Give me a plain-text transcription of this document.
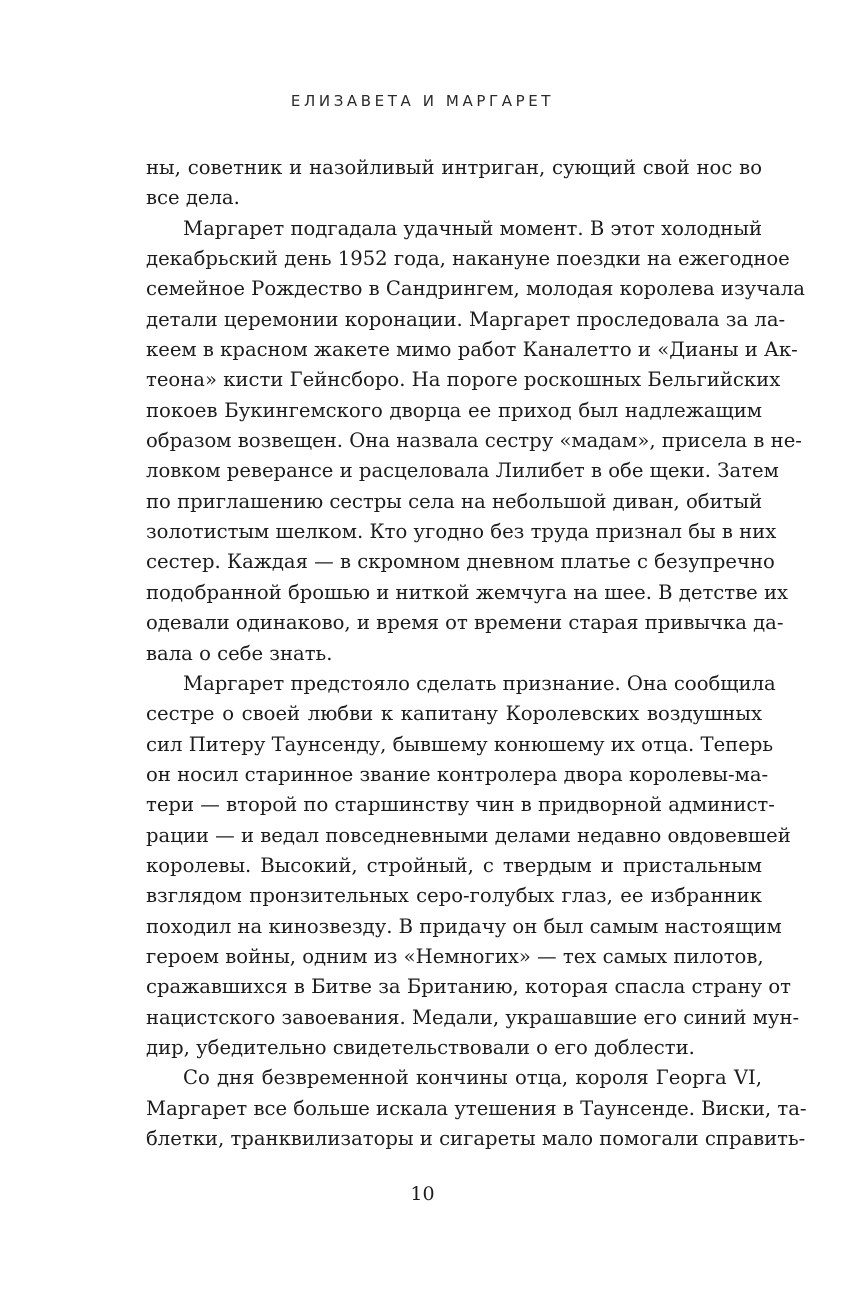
ЕЛИЗАВЕТА И МАРГАРЕТ
ны, советник и назойливый интриган, сующий свой нос во
все дела.
Маргарет подгадала удачный момент. В этот холодный
декабрьский день 1952 года, накануне поездки на ежегодное
семейное Рождество в Сандрингем, молодая королева изучала
детали церемонии коронации. Маргарет проследовала за ла-
кеем в красном жакете мимо работ Каналетто и «Дианы и Ак-
теона» кисти Гейнсборо. На пороге роскошных Бельгийских
покоев Букингемского дворца ее приход был надлежащим
образом возвещен. Она назвала сестру «мадам», присела в не-
ловком реверансе и расцеловала Лилибет в обе щеки. Затем
по приглашению сестры села на небольшой диван, обитый
золотистым шелком. Кто угодно без труда признал бы в них
сестер. Каждая — в скромном дневном платье с безупречно
подобранной брошью и ниткой жемчуга на шее. В детстве их
одевали одинаково, и время от времени старая привычка да-
вала о себе знать.
Маргарет предстояло сделать признание. Она сообщила
сестре о своей любви к капитану Королевских воздушных
сил Питеру Таунсенду, бывшему конюшему их отца. Теперь
он носил старинное звание контролера двора королевы-ма-
тери — второй по старшинству чин в придворной админист-
рации — и ведал повседневными делами недавно овдовевшей
королевы. Высокий, стройный, с твердым и пристальным
взглядом пронзительных серо-голубых глаз, ее избранник
походил на кинозвезду. В придачу он был самым настоящим
героем войны, одним из «Немногих» — тех самых пилотов,
сражавшихся в Битве за Британию, которая спасла страну от
нацистского завоевания. Медали, украшавшие его синий мун-
дир, убедительно свидетельствовали о его доблести.
Со дня безвременной кончины отца, короля Георга VI,
Маргарет все больше искала утешения в Таунсенде. Виски, та-
блетки, транквилизаторы и сигареты мало помогали справить-
10
